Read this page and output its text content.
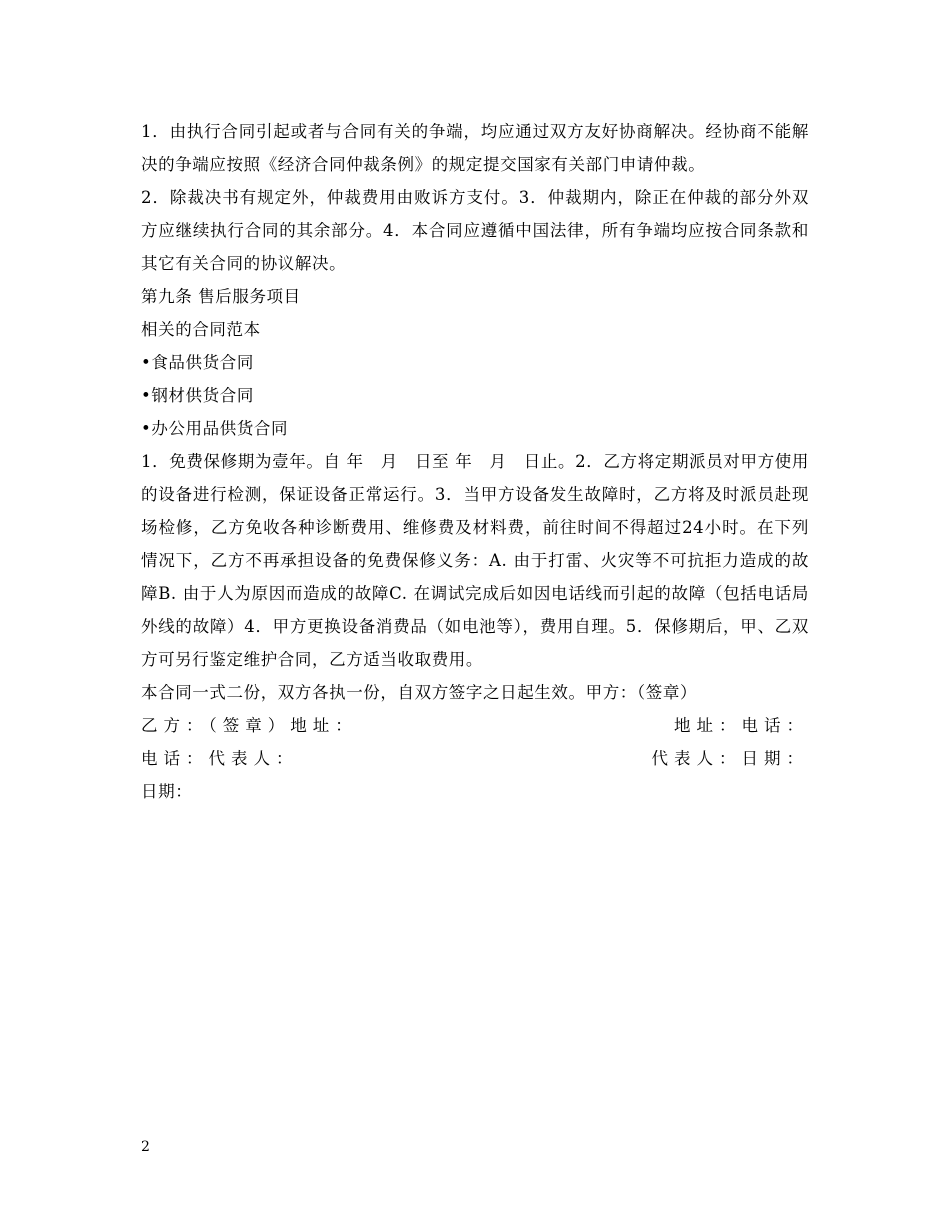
1．由执行合同引起或者与合同有关的争端，均应通过双方友好协商解决。经协商不能解决的争端应按照《经济合同仲裁条例》的规定提交国家有关部门申请仲裁。

2．除裁决书有规定外，仲裁费用由败诉方支付。3．仲裁期内，除正在仲裁的部分外双方应继续执行合同的其余部分。4．本合同应遵循中国法律，所有争端均应按合同条款和其它有关合同的协议解决。

第九条 售后服务项目

相关的合同范本

•食品供货合同

•钢材供货合同

•办公用品供货合同

1．免费保修期为壹年。自 年　月　日至 年　月　日止。2．乙方将定期派员对甲方使用的设备进行检测，保证设备正常运行。3．当甲方设备发生故障时，乙方将及时派员赴现场检修，乙方免收各种诊断费用、维修费及材料费，前往时间不得超过24小时。在下列情况下，乙方不再承担设备的免费保修义务：A. 由于打雷、火灾等不可抗拒力造成的故障B. 由于人为原因而造成的故障C. 在调试完成后如因电话线而引起的故障（包括电话局外线的故障）4．甲方更换设备消费品（如电池等），费用自理。5．保修期后，甲、乙双方可另行鉴定维护合同，乙方适当收取费用。

本合同一式二份，双方各执一份，自双方签字之日起生效。甲方：（签章）

乙方：（签章）地址：	地址：电话：
电话：代表人：	代表人：日期：

日期：

2
